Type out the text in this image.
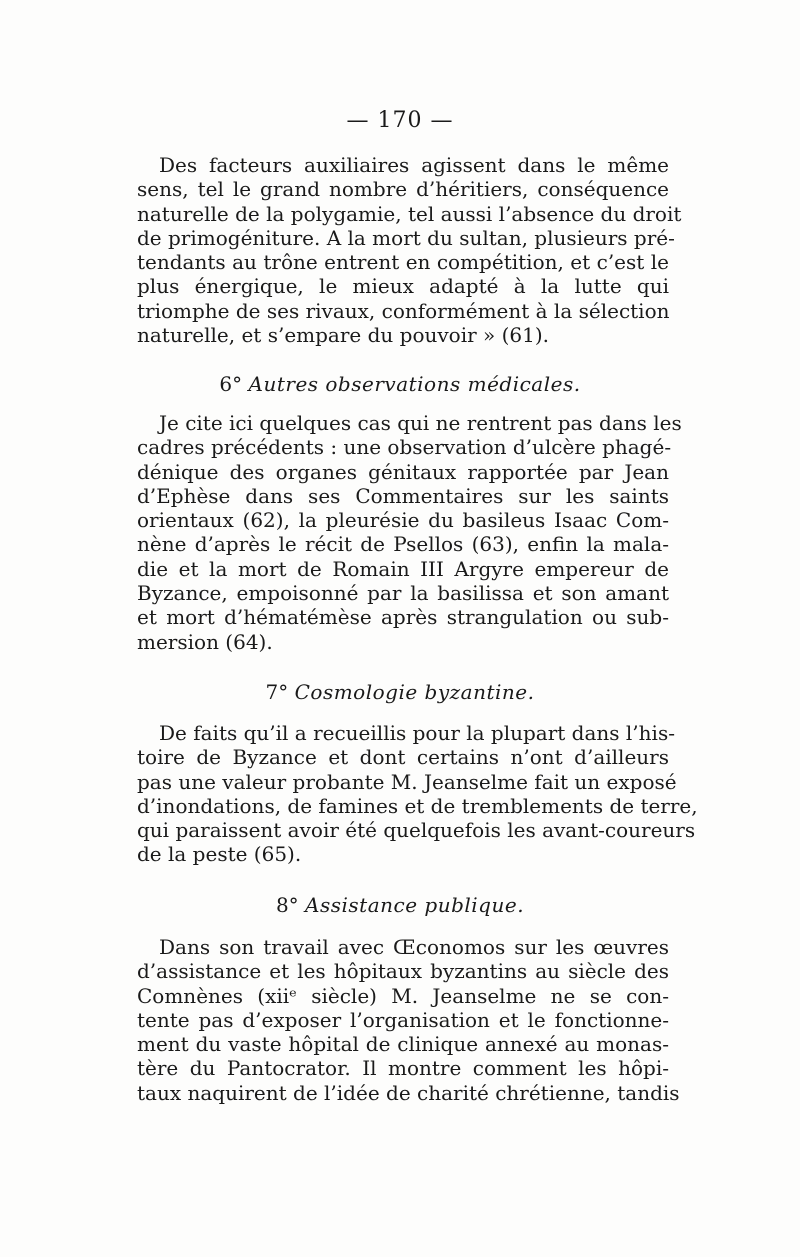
— 170 —
Des facteurs auxiliaires agissent dans le même
sens, tel le grand nombre d’héritiers, conséquence
naturelle de la polygamie, tel aussi l’absence du droit
de primogéniture. A la mort du sultan, plusieurs pré-
tendants au trône entrent en compétition, et c’est le
plus énergique, le mieux adapté à la lutte qui
triomphe de ses rivaux, conformément à la sélection
naturelle, et s’empare du pouvoir » (61).
6° Autres observations médicales.
Je cite ici quelques cas qui ne rentrent pas dans les
cadres précédents : une observation d’ulcère phagé-
dénique des organes génitaux rapportée par Jean
d’Ephèse dans ses Commentaires sur les saints
orientaux (62), la pleurésie du basileus Isaac Com-
nène d’après le récit de Psellos (63), enfin la mala-
die et la mort de Romain III Argyre empereur de
Byzance, empoisonné par la basilissa et son amant
et mort d’hématémèse après strangulation ou sub-
mersion (64).
7° Cosmologie byzantine.
De faits qu’il a recueillis pour la plupart dans l’his-
toire de Byzance et dont certains n’ont d’ailleurs
pas une valeur probante M. Jeanselme fait un exposé
d’inondations, de famines et de tremblements de terre,
qui paraissent avoir été quelquefois les avant-coureurs
de la peste (65).
8° Assistance publique.
Dans son travail avec Œconomos sur les œuvres
d’assistance et les hôpitaux byzantins au siècle des
Comnènes (xiiᵉ siècle) M. Jeanselme ne se con-
tente pas d’exposer l’organisation et le fonctionne-
ment du vaste hôpital de clinique annexé au monas-
tère du Pantocrator. Il montre comment les hôpi-
taux naquirent de l’idée de charité chrétienne, tandis
